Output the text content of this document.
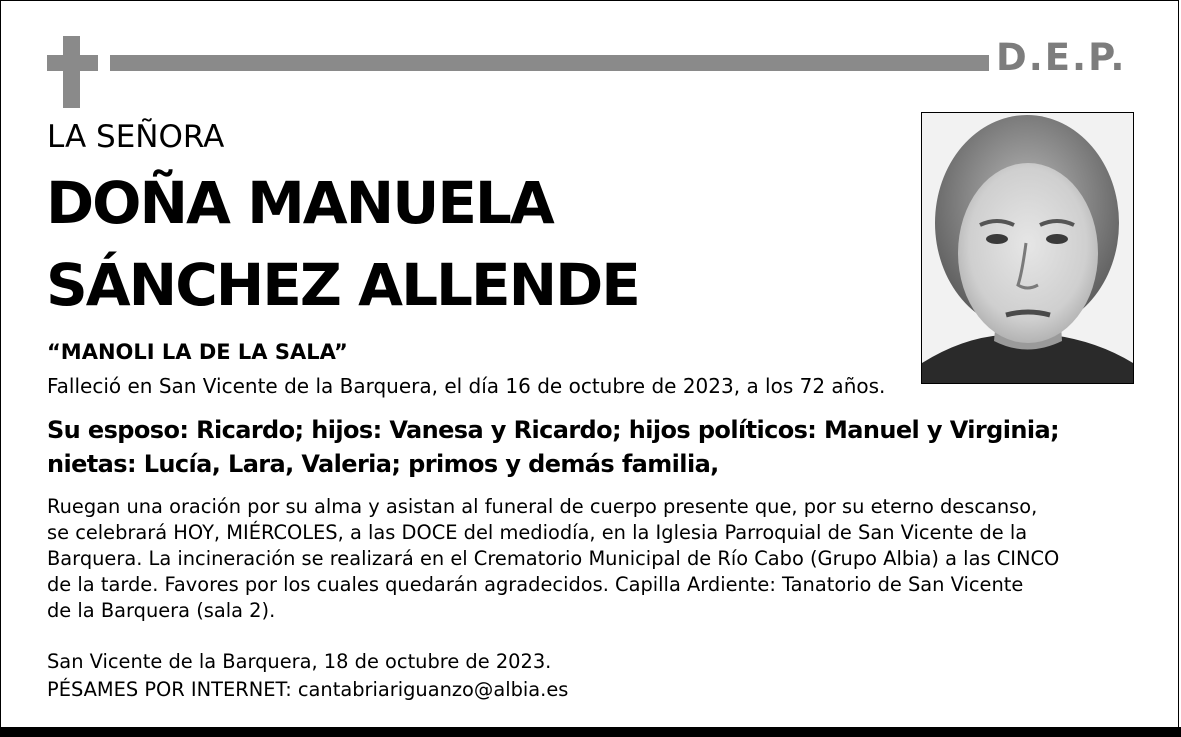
D.E.P.
LA SEÑORA
DOÑA MANUELA
SÁNCHEZ ALLENDE
“MANOLI LA DE LA SALA”
Falleció en San Vicente de la Barquera, el día 16 de octubre de 2023, a los 72 años.
Su esposo: Ricardo; hijos: Vanesa y Ricardo; hijos políticos: Manuel y Virginia; nietas: Lucía, Lara, Valeria; primos y demás familia,

Ruegan una oración por su alma y asistan al funeral de cuerpo presente que, por su eterno descanso,

se celebrará HOY, MIÉRCOLES, a las DOCE del mediodía, en la Iglesia Parroquial de San Vicente de la

Barquera. La incineración se realizará en el Crematorio Municipal de Río Cabo (Grupo Albia) a las CINCO

de la tarde. Favores por los cuales quedarán agradecidos. Capilla Ardiente: Tanatorio de San Vicente

de la Barquera (sala 2).

San Vicente de la Barquera, 18 de octubre de 2023.
PÉSAMES POR INTERNET: cantabriariguanzo@albia.es
